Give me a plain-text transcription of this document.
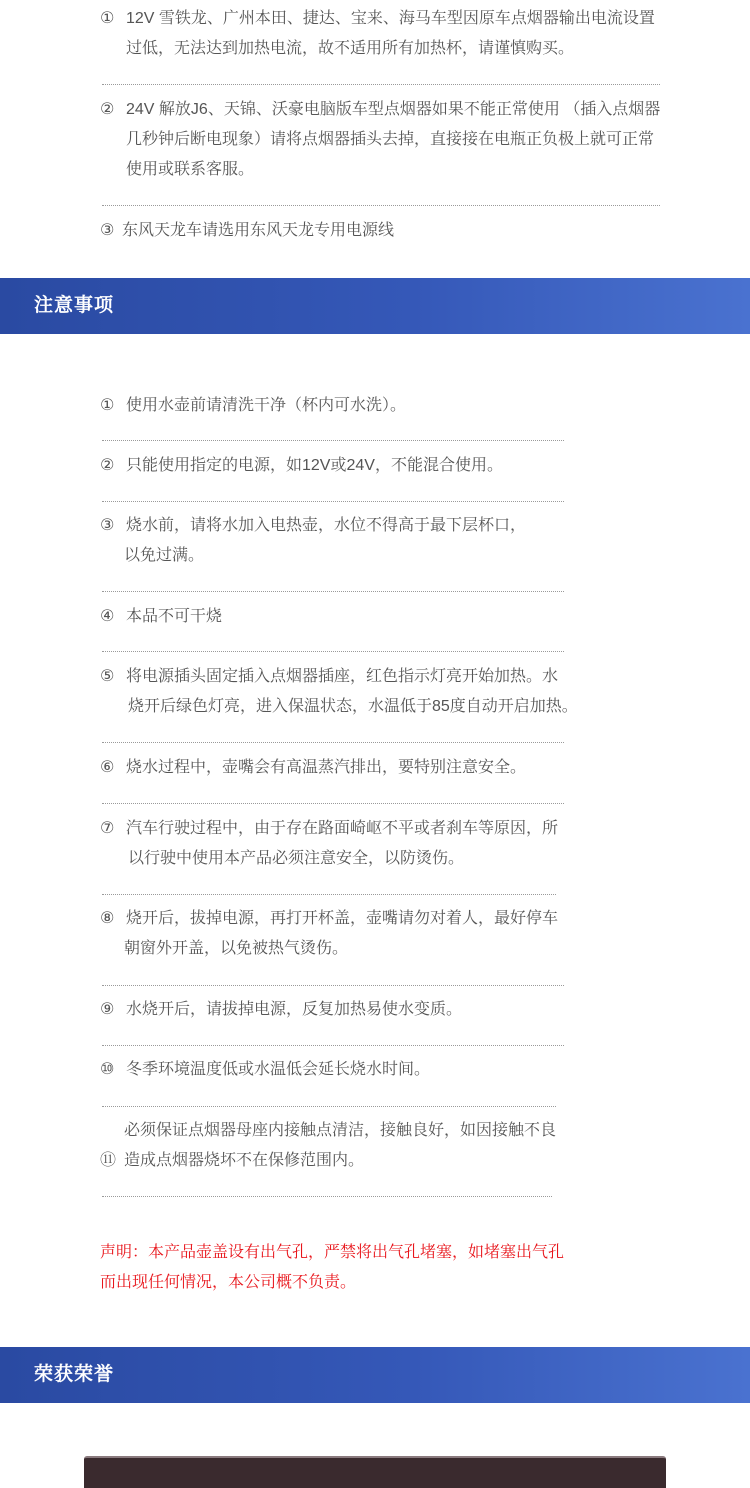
① 12V 雪铁龙、广州本田、捷达、宝来、海马车型因原车点烟器输出电流设置
过低，无法达到加热电流，故不适用所有加热杯，请谨慎购买。
② 24V 解放J6、天锦、沃豪电脑版车型点烟器如果不能正常使用 （插入点烟器
几秒钟后断电现象）请将点烟器插头去掉，直接接在电瓶正负极上就可正常
使用或联系客服。
③ 东风天龙车请选用东风天龙专用电源线
注意事项
① 使用水壶前请清洗干净（杯内可水洗）。
② 只能使用指定的电源，如12V或24V，不能混合使用。
③ 烧水前，请将水加入电热壶，水位不得高于最下层杯口，
以免过满。
④ 本品不可干烧
⑤ 将电源插头固定插入点烟器插座，红色指示灯亮开始加热。水
烧开后绿色灯亮，进入保温状态，水温低于85度自动开启加热。
⑥ 烧水过程中，壶嘴会有高温蒸汽排出，要特别注意安全。
⑦ 汽车行驶过程中，由于存在路面崎岖不平或者刹车等原因，所
以行驶中使用本产品必须注意安全，以防烫伤。
⑧ 烧开后，拔掉电源，再打开杯盖，壶嘴请勿对着人，最好停车
朝窗外开盖，以免被热气烫伤。
⑨ 水烧开后，请拔掉电源，反复加热易使水变质。
⑩ 冬季环境温度低或水温低会延长烧水时间。
必须保证点烟器母座内接触点清洁，接触良好，如因接触不良
⑪ 造成点烟器烧坏不在保修范围内。
声明：本产品壶盖设有出气孔，严禁将出气孔堵塞，如堵塞出气孔
而出现任何情况，本公司概不负责。
荣获荣誉
